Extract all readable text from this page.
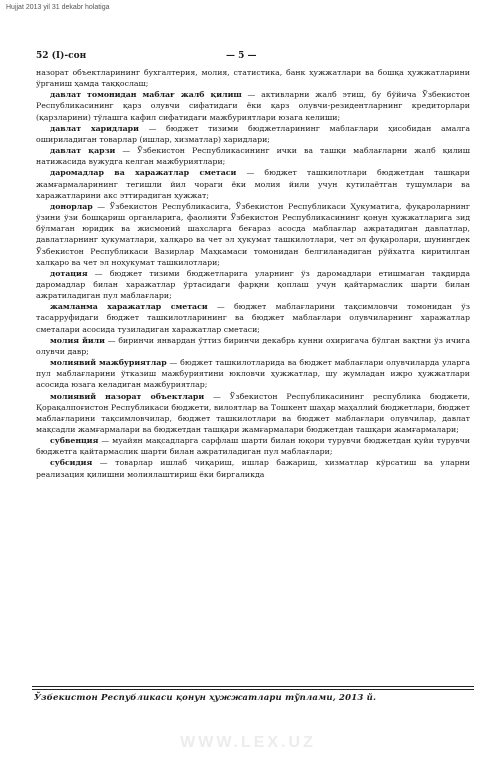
Hujjat 2013 yil 31 dekabr holatiga
52 (I)-сон	— 5 —

назорат объектларининг бухгалтерия, молия, статистика, банк ҳужжатлари ва бошқа ҳужжатларини ўрганиш ҳамда таққослаш;

давлат томонидан маблағ жалб қилиш — активларни жалб этиш, бу бўйича Ўзбекистон Республикасининг қарз олувчи сифатидаги ёки қарз олувчи-резидентларнинг кредиторлари (қарзларини) тўлашга кафил сифатидаги мажбуриятлари юзага келиши;

давлат харидлари — бюджет тизими бюджетларининг маблағлари ҳисобидан амалга ошириладиган товарлар (ишлар, хизматлар) харидлари;

давлат қарзи — Ўзбекистон Республикасининг ички ва ташқи маблағларни жалб қилиш натижасида вужудга келган мажбуриятлари;

даромадлар ва харажатлар сметаси — бюджет ташкилотлари бюджетдан ташқари жамғармаларининг тегишли йил чораги ёки молия йили учун кутилаётган тушумлари ва харажатларини акс эттирадиган ҳужжат;

донорлар — Ўзбекистон Республикасига, Ўзбекистон Республикаси Ҳукуматига, фуқароларнинг ўзини ўзи бошқариш органларига, фаолияти Ўзбекистон Республикасининг қонун ҳужжатларига зид бўлмаган юридик ва жисмоний шахсларга беғараз асосда маблағлар ажратадиган давлатлар, давлатларнинг ҳукуматлари, халқаро ва чет эл ҳукумат ташкилотлари, чет эл фуқаролари, шунингдек Ўзбекистон Республикаси Вазирлар Маҳкамаси томонидан белгиланадиган рўйхатга киритилган халқаро ва чет эл ноҳукумат ташкилотлари;

дотация — бюджет тизими бюджетларига уларнинг ўз даромадлари етишмаган тақдирда даромадлар билан харажатлар ўртасидаги фарқни қоплаш учун қайтармаслик шарти билан ажратиладиган пул маблағлари;

жамланма харажатлар сметаси — бюджет маблағларини тақсимловчи томонидан ўз тасарруфидаги бюджет ташкилотларининг ва бюджет маблағлари олувчиларнинг харажатлар сметалари асосида тузиладиган харажатлар сметаси;

молия йили — биринчи январдан ўттиз биринчи декабрь кунни охиригача бўлган вақтни ўз ичига олувчи давр;

молиявий мажбуриятлар — бюджет ташкилотларида ва бюджет маблағлари олувчиларда уларга пул маблағларини ўтказиш мажбуриятини юкловчи ҳужжатлар, шу жумладан ижро ҳужжатлари асосида юзага келадиган мажбуриятлар;

молиявий назорат объектлари — Ўзбекистон Республикасининг республика бюджети, Қорақалпоғистон Республикаси бюджети, вилоятлар ва Тошкент шаҳар маҳаллий бюджетлари, бюджет маблағларини тақсимловчилар, бюджет ташкилотлари ва бюджет маблағлари олувчилар, давлат мақсадли жамғармалари ва бюджетдан ташқари жамғармалари бюджетдан ташқари жамғармалари;

субвенция — муайян мақсадларга сарфлаш шарти билан юқори турувчи бюджетдан қуйи турувчи бюджетга қайтармаслик шарти билан ажратиладиган пул маблағлари;

субсидия — товарлар ишлаб чиқариш, ишлар бажариш, хизматлар кўрсатиш ва уларни реализация қилишни молиялаштириш ёки биргаликда

Ўзбекистон Республикаси қонун ҳужжатлари тўплами, 2013 й.
WWW.LEX.UZ
